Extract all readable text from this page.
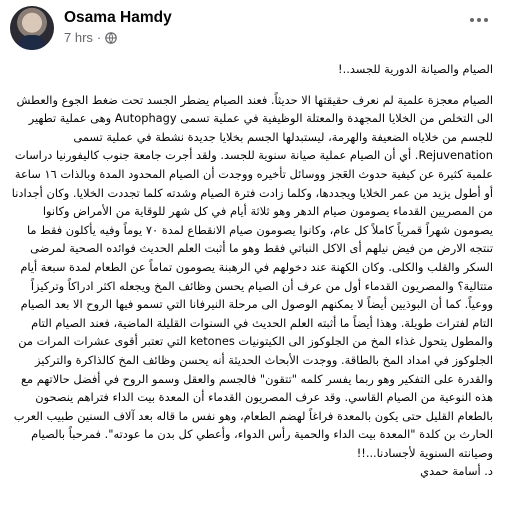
Osama Hamdy
7 hrs ·

الصيام والصيانة الدورية للجسد..!

الصيام معجزة علمية لم نعرف حقيقتها الا حديثاً. فعند الصيام يضطر الجسد تحت ضغط الجوع والعطش الى التخلص من الخلايا المجهدة والمعتلة الوظيفية في عملية تسمى Autophagy وهى عملية تطهير للجسم من خلاياه الضعيفة والهرمة، ليستبدلها الجسم بخلايا جديدة نشطة في عملية تسمى Rejuvenation. أي أن الصيام عملية صيانة سنوية للجسد. ولقد أجرت جامعة جنوب كاليفورنيا دراسات علمية كثيرة عن كيفية حدوث العَجز ووسائل تأخيره ووجدت أن الصيام المحدود المدة وبالذات ١٦ ساعة أو أطول يزيد من عمر الخلايا ويجددها، وكلما زادت فترة الصيام وشدته كلما تجددت الخلايا. وكان أجدادنا من المصريين القدماء يصومون صيام الدهر وهو ثلاثة أيام في كل شهر للوقاية من الأمراض وكانوا يصومون شهراً قمرياً كاملاً كل عام، وكانوا يصومون صيام الانقطاع لمدة ٧٠ يوماً وفيه يأكلون فقط ما تنتجه الارض من فيض نيلهم أى الاكل النباتي فقط وهو ما أثبت العلم الحديث فوائده الصحية لمرضى السكر والقلب والكلى. وكان الكهنة عند دخولهم في الرهبنة يصومون تماماً عن الطعام لمدة سبعة أيام متتالية؟ والمصريون القدماء أول من عرف أن الصيام يحسن وظائف المخ ويجعله اكثر ادراكاً وتركيزاً ووعياً. كما أن البوذيين أيضاً لا يمكنهم الوصول الى مرحلة النيرفانا التي تسمو فيها الروح الا بعد الصيام التام لفترات طويلة. وهذا أيضاً ما أثبته العلم الحديث في السنوات القليلة الماضية، فعند الصيام التام والمطول يتحول غذاء المخ من الجلوكوز الى الكيتونيات ketones التي تعتبر أقوى عشرات المرات من الجلوكوز في امداد المخ بالطاقة. ووجدت الأبحاث الحديثة أنه يحسن وظائف المخ كالذاكرة والتركيز والقدرة على التفكير وهو ربما يفسر كلمه "تتقون" فالجسم والعقل وسمو الروح في أفضل حالاتهم مع هذه النوعية من الصيام القاسي. وقد عرف المصريون القدماء أن المعدة بيت الداء فتراهم ينصحون بالطعام القليل حتى يكون بالمعدة فراغاً لهضم الطعام، وهو نفس ما قاله بعد آلاف السنين طبيب العرب الحارث بن كلدة "المعدة بيت الداء والحمية رأس الدواء، وأعطي كل بدن ما عودته". فمرحباً بالصيام وصيانته السنوية لأجسادنا...!!

د. أسامة حمدي
